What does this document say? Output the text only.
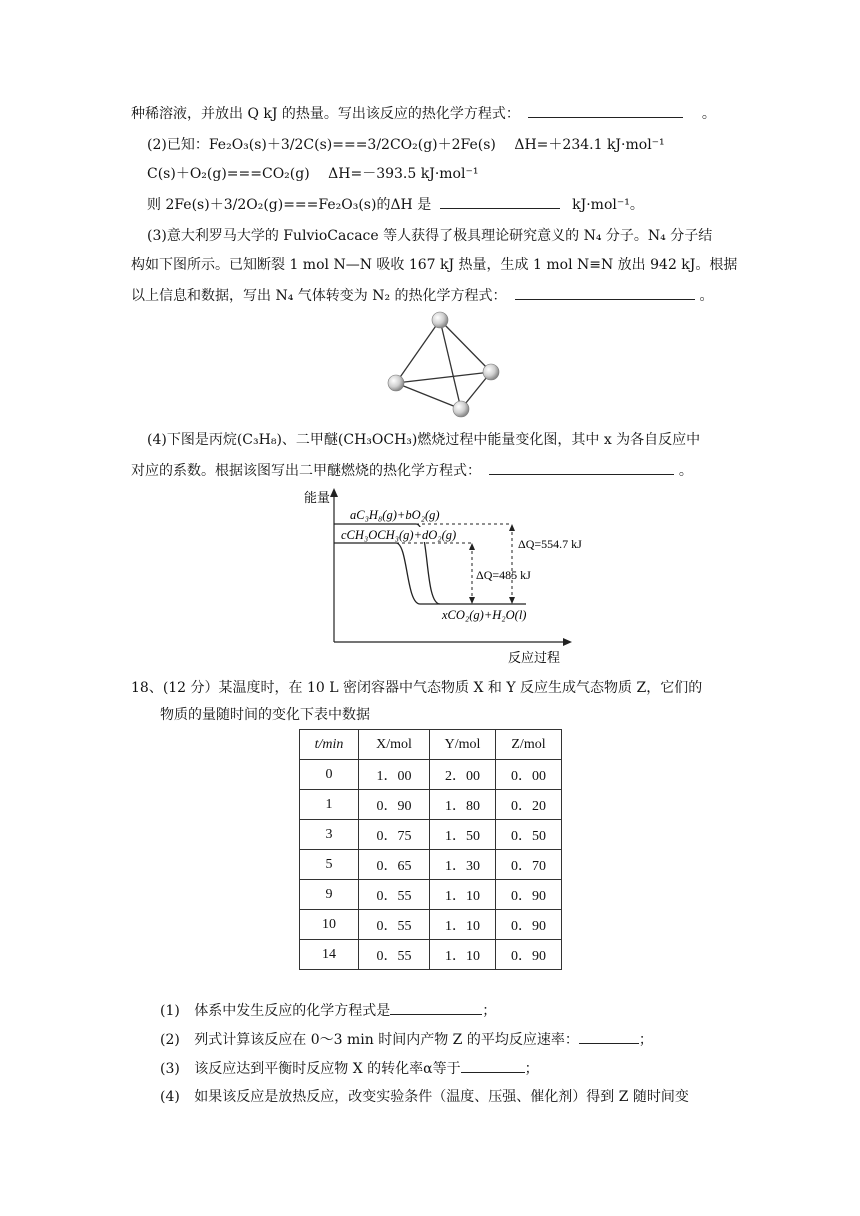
种稀溶液，并放出 Q kJ 的热量。写出该反应的热化学方程式：	。
(2)已知：Fe₂O₃(s)＋3/2C(s)===3/2CO₂(g)＋2Fe(s) ΔH=＋234.1 kJ·mol⁻¹
C(s)＋O₂(g)===CO₂(g) ΔH=－393.5 kJ·mol⁻¹
则 2Fe(s)＋3/2O₂(g)===Fe₂O₃(s)的ΔH 是	kJ·mol⁻¹。
(3)意大利罗马大学的 FulvioCacace 等人获得了极具理论研究意义的 N₄ 分子。N₄ 分子结
构如下图所示。已知断裂 1 mol N—N 吸收 167 kJ 热量，生成 1 mol N≡N 放出 942 kJ。根据
以上信息和数据，写出 N₄ 气体转变为 N₂ 的热化学方程式：	。
(4)下图是丙烷(C₃H₈)、二甲醚(CH₃OCH₃)燃烧过程中能量变化图，其中 x 为各自反应中
对应的系数。根据该图写出二甲醚燃烧的热化学方程式：	。
能量
反应过程
aC₃H₈(g)+bO₂(g)
cCH₃OCH₃(g)+dO₂(g)
ΔQ=554.7 kJ
ΔQ=485 kJ
xCO₂(g)+H₂O(l)
18、(12 分）某温度时，在 10 L 密闭容器中气态物质 X 和 Y 反应生成气态物质 Z，它们的
物质的量随时间的变化下表中数据
t/min	X/mol	Y/mol	Z/mol
0	1．00	2．00	0．00
1	0．90	1．80	0．20
3	0．75	1．50	0．50
5	0．65	1．30	0．70
9	0．55	1．10	0．90
10	0．55	1．10	0．90
14	0．55	1．10	0．90
(1) 体系中发生反应的化学方程式是	；
(2) 列式计算该反应在 0～3 min 时间内产物 Z 的平均反应速率：	；
(3) 该反应达到平衡时反应物 X 的转化率α等于	；
(4) 如果该反应是放热反应，改变实验条件（温度、压强、催化剂）得到 Z 随时间变
